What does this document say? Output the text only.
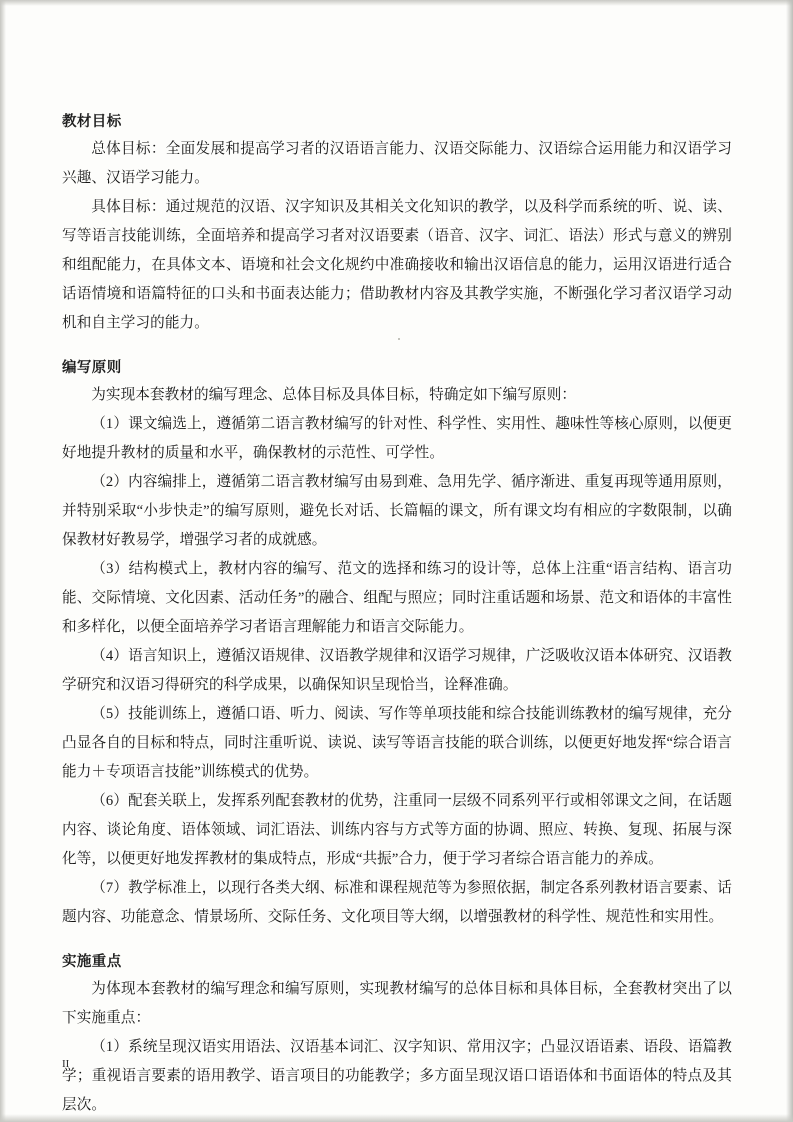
教材目标

总体目标：全面发展和提高学习者的汉语语言能力、汉语交际能力、汉语综合运用能力和汉语学习兴趣、汉语学习能力。

具体目标：通过规范的汉语、汉字知识及其相关文化知识的教学，以及科学而系统的听、说、读、写等语言技能训练，全面培养和提高学习者对汉语要素（语音、汉字、词汇、语法）形式与意义的辨别和组配能力，在具体文本、语境和社会文化规约中准确接收和输出汉语信息的能力，运用汉语进行适合话语情境和语篇特征的口头和书面表达能力；借助教材内容及其教学实施，不断强化学习者汉语学习动机和自主学习的能力。

编写原则

为实现本套教材的编写理念、总体目标及具体目标，特确定如下编写原则：

（1）课文编选上，遵循第二语言教材编写的针对性、科学性、实用性、趣味性等核心原则，以便更好地提升教材的质量和水平，确保教材的示范性、可学性。

（2）内容编排上，遵循第二语言教材编写由易到难、急用先学、循序渐进、重复再现等通用原则，并特别采取“小步快走”的编写原则，避免长对话、长篇幅的课文，所有课文均有相应的字数限制，以确保教材好教易学，增强学习者的成就感。

（3）结构模式上，教材内容的编写、范文的选择和练习的设计等，总体上注重“语言结构、语言功能、交际情境、文化因素、活动任务”的融合、组配与照应；同时注重话题和场景、范文和语体的丰富性和多样化，以便全面培养学习者语言理解能力和语言交际能力。

（4）语言知识上，遵循汉语规律、汉语教学规律和汉语学习规律，广泛吸收汉语本体研究、汉语教学研究和汉语习得研究的科学成果，以确保知识呈现恰当，诠释准确。

（5）技能训练上，遵循口语、听力、阅读、写作等单项技能和综合技能训练教材的编写规律，充分凸显各自的目标和特点，同时注重听说、读说、读写等语言技能的联合训练，以便更好地发挥“综合语言能力＋专项语言技能”训练模式的优势。

（6）配套关联上，发挥系列配套教材的优势，注重同一层级不同系列平行或相邻课文之间，在话题内容、谈论角度、语体领域、词汇语法、训练内容与方式等方面的协调、照应、转换、复现、拓展与深化等，以便更好地发挥教材的集成特点，形成“共振”合力，便于学习者综合语言能力的养成。

（7）教学标准上，以现行各类大纲、标准和课程规范等为参照依据，制定各系列教材语言要素、话题内容、功能意念、情景场所、交际任务、文化项目等大纲，以增强教材的科学性、规范性和实用性。

实施重点

为体现本套教材的编写理念和编写原则，实现教材编写的总体目标和具体目标，全套教材突出了以下实施重点：

（1）系统呈现汉语实用语法、汉语基本词汇、汉字知识、常用汉字；凸显汉语语素、语段、语篇教学；重视语言要素的语用教学、语言项目的功能教学；多方面呈现汉语口语语体和书面语体的特点及其层次。

II
